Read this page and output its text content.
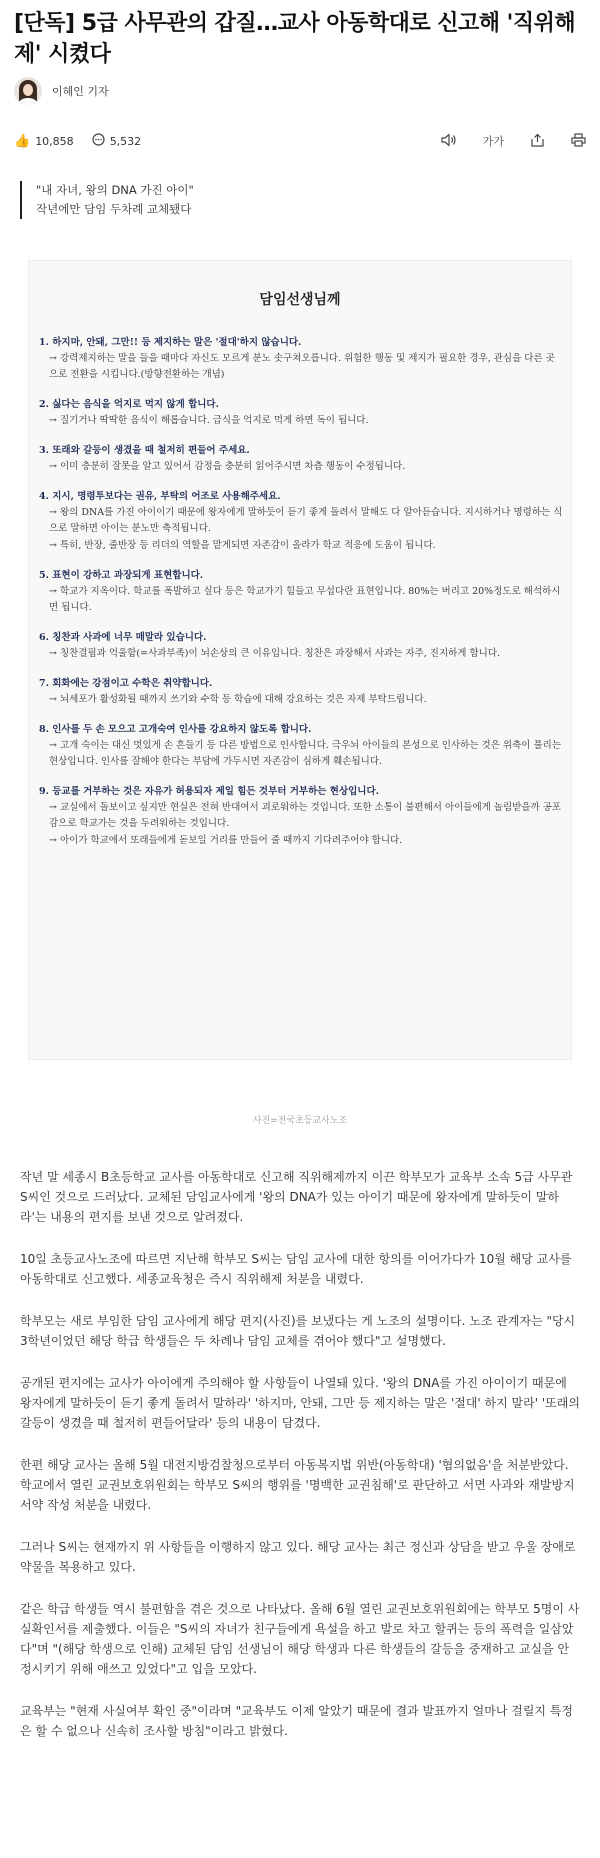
[단독] 5급 사무관의 갑질…교사 아동학대로 신고해 '직위해제' 시켰다
이혜인 기자
👍 10,858	5,532	가가
"내 자녀, 왕의 DNA 가진 아이"
작년에만 담임 두차례 교체됐다
담임선생님께
1. 하지마, 안돼, 그만!! 등 제지하는 말은 '절대'하지 않습니다.
→ 강력제지하는 말을 들을 때마다 자신도 모르게 분노 솟구쳐오릅니다. 위험한 행동 및 제지가 필요한 경우, 관심을 다른 곳으로 전환을 시킵니다.(방향전환하는 개념)
2. 싫다는 음식을 억지로 먹지 않게 합니다.
→ 질기거나 딱딱한 음식이 해롭습니다. 급식을 억지로 먹게 하면 독이 됩니다.
3. 또래와 갈등이 생겼을 때 철저히 편들어 주세요.
→ 이미 충분히 잘못을 알고 있어서 감정을 충분히 읽어주시면 차츰 행동이 수정됩니다.
4. 지시, 명령투보다는 권유, 부탁의 어조로 사용해주세요.
→ 왕의 DNA를 가진 아이이기 때문에 왕자에게 말하듯이 듣기 좋게 돌려서 말해도 다 알아듣습니다. 지시하거나 명령하는 식으로 말하면 아이는 분노만 축적됩니다.
→ 특히, 반장, 줄반장 등 리더의 역할을 맡게되면 자존감이 올라가 학교 적응에 도움이 됩니다.
5. 표현이 강하고 과장되게 표현합니다.
→ 학교가 지옥이다. 학교를 폭발하고 싶다 등은 학교가기 힘들고 무섭다란 표현입니다. 80%는 버리고 20%정도로 해석하시면 됩니다.
6. 칭찬과 사과에 너무 매말라 있습니다.
→ 칭찬결핍과 억울함(=사과부족)이 뇌손상의 큰 이유입니다. 칭찬은 과장해서 사과는 자주, 진지하게 합니다.
7. 회화에는 강점이고 수학은 취약합니다.
→ 뇌세포가 활성화될 때까지 쓰기와 수학 등 학습에 대해 강요하는 것은 자제 부탁드립니다.
8. 인사를 두 손 모으고 고개숙여 인사를 강요하지 않도록 합니다.
→ 고개 숙이는 대신 멋있게 손 흔들기 등 다른 방법으로 인사합니다. 극우뇌 아이들의 본성으로 인사하는 것은 위축이 풀리는 현상입니다. 인사를 잘해야 한다는 부담에 가두시면 자존감이 심하게 훼손됩니다.
9. 등교를 거부하는 것은 자유가 허용되자 제일 힘든 것부터 거부하는 현상입니다.
→ 교실에서 돌보이고 싶지만 현실은 전혀 반대여서 괴로워하는 것입니다. 또한 소통이 불편해서 아이들에게 놀림받을까 공포감으로 학교가는 것을 두려워하는 것입니다.
→ 아이가 학교에서 또래들에게 돋보일 거리를 만들어 줄 때까지 기다려주어야 합니다.
사진=전국초등교사노조

작년 말 세종시 B초등학교 교사를 아동학대로 신고해 직위해제까지 이끈 학부모가 교육부 소속 5급 사무관 S씨인 것으로 드러났다. 교체된 담임교사에게 '왕의 DNA가 있는 아이기 때문에 왕자에게 말하듯이 말하라'는 내용의 편지를 보낸 것으로 알려졌다.

10일 초등교사노조에 따르면 지난해 학부모 S씨는 담임 교사에 대한 항의를 이어가다가 10월 해당 교사를 아동학대로 신고했다. 세종교육청은 즉시 직위해제 처분을 내렸다.

학부모는 새로 부임한 담임 교사에게 해당 편지(사진)를 보냈다는 게 노조의 설명이다. 노조 관계자는 "당시 3학년이었던 해당 학급 학생들은 두 차례나 담임 교체를 겪어야 했다"고 설명했다.

공개된 편지에는 교사가 아이에게 주의해야 할 사항들이 나열돼 있다. '왕의 DNA를 가진 아이이기 때문에 왕자에게 말하듯이 듣기 좋게 돌려서 말하라' '하지마, 안돼, 그만 등 제지하는 말은 '절대' 하지 말라' '또래의 갈등이 생겼을 때 철저히 편들어달라' 등의 내용이 담겼다.

한편 해당 교사는 올해 5월 대전지방검찰청으로부터 아동복지법 위반(아동학대) '혐의없음'을 처분받았다. 학교에서 열린 교권보호위원회는 학부모 S씨의 행위를 '명백한 교권침해'로 판단하고 서면 사과와 재발방지 서약 작성 처분을 내렸다.

그러나 S씨는 현재까지 위 사항들을 이행하지 않고 있다. 해당 교사는 최근 정신과 상담을 받고 우울 장애로 약물을 복용하고 있다.

같은 학급 학생들 역시 불편함을 겪은 것으로 나타났다. 올해 6월 열린 교권보호위원회에는 학부모 5명이 사실확인서를 제출했다. 이들은 "S씨의 자녀가 친구들에게 욕설을 하고 발로 차고 할퀴는 등의 폭력을 일삼았다"며 "(해당 학생으로 인해) 교체된 담임 선생님이 해당 학생과 다른 학생들의 갈등을 중재하고 교실을 안정시키기 위해 애쓰고 있었다"고 입을 모았다.

교육부는 "현재 사실여부 확인 중"이라며 "교육부도 이제 알았기 때문에 결과 발표까지 얼마나 걸릴지 특정은 할 수 없으나 신속히 조사할 방침"이라고 밝혔다.
